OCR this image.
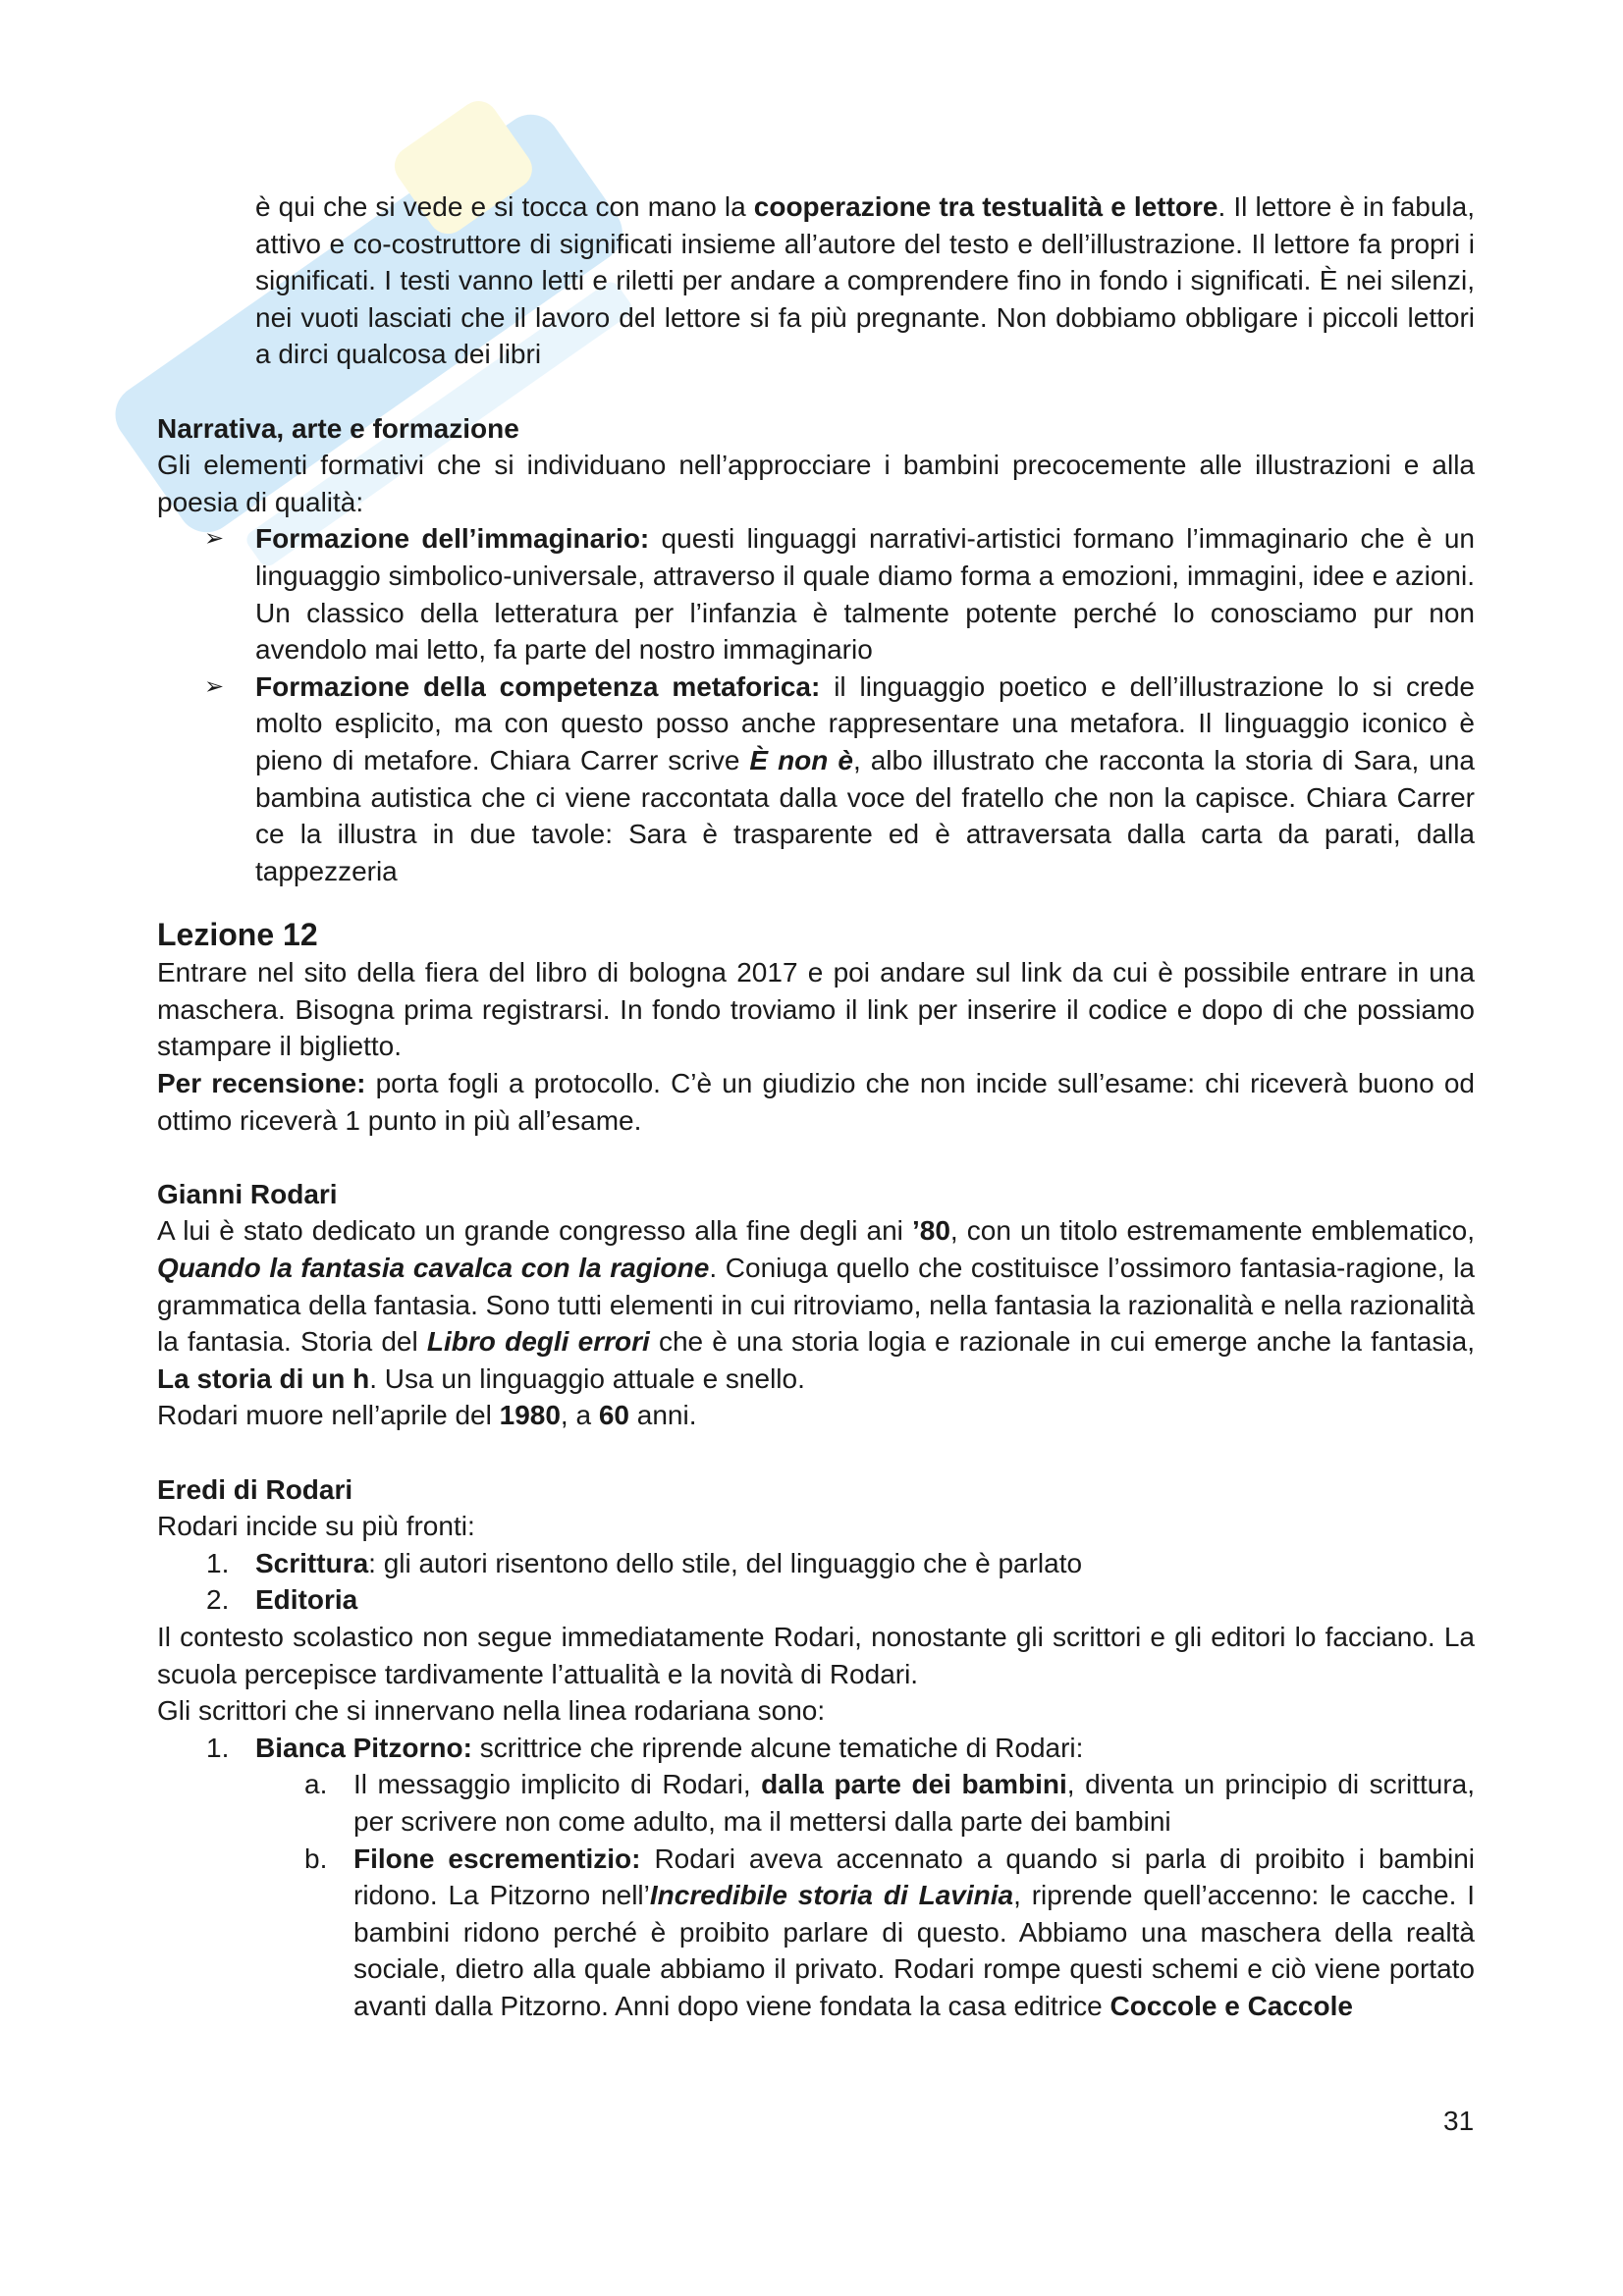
è qui che si vede e si tocca con mano la cooperazione tra testualità e lettore. Il lettore è in fabula, attivo e co-costruttore di significati insieme all’autore del testo e dell’illustrazione. Il lettore fa propri i significati. I testi vanno letti e riletti per andare a comprendere fino in fondo i significati. È nei silenzi, nei vuoti lasciati che il lavoro del lettore si fa più pregnante. Non dobbiamo obbligare i piccoli lettori a dirci qualcosa dei libri

Narrativa, arte e formazione

Gli elementi formativi che si individuano nell’approcciare i bambini precocemente alle illustrazioni e alla poesia di qualità:

➢ Formazione dell’immaginario: questi linguaggi narrativi-artistici formano l’immaginario che è un linguaggio simbolico-universale, attraverso il quale diamo forma a emozioni, immagini, idee e azioni. Un classico della letteratura per l’infanzia è talmente potente perché lo conosciamo pur non avendolo mai letto, fa parte del nostro immaginario
➢ Formazione della competenza metaforica: il linguaggio poetico e dell’illustrazione lo si crede molto esplicito, ma con questo posso anche rappresentare una metafora. Il linguaggio iconico è pieno di metafore. Chiara Carrer scrive È non è, albo illustrato che racconta la storia di Sara, una bambina autistica che ci viene raccontata dalla voce del fratello che non la capisce. Chiara Carrer ce la illustra in due tavole: Sara è trasparente ed è attraversata dalla carta da parati, dalla tappezzeria

Lezione 12

Entrare nel sito della fiera del libro di bologna 2017 e poi andare sul link da cui è possibile entrare in una maschera. Bisogna prima registrarsi. In fondo troviamo il link per inserire il codice e dopo di che possiamo stampare il biglietto.

Per recensione: porta fogli a protocollo. C’è un giudizio che non incide sull’esame: chi riceverà buono od ottimo riceverà 1 punto in più all’esame.

Gianni Rodari

A lui è stato dedicato un grande congresso alla fine degli ani ’80, con un titolo estremamente emblematico, Quando la fantasia cavalca con la ragione. Coniuga quello che costituisce l’ossimoro fantasia-ragione, la grammatica della fantasia. Sono tutti elementi in cui ritroviamo, nella fantasia la razionalità e nella razionalità la fantasia. Storia del Libro degli errori che è una storia logia e razionale in cui emerge anche la fantasia, La storia di un h. Usa un linguaggio attuale e snello.

Rodari muore nell’aprile del 1980, a 60 anni.

Eredi di Rodari

Rodari incide su più fronti:

1. Scrittura: gli autori risentono dello stile, del linguaggio che è parlato
2. Editoria

Il contesto scolastico non segue immediatamente Rodari, nonostante gli scrittori e gli editori lo facciano. La scuola percepisce tardivamente l’attualità e la novità di Rodari.

Gli scrittori che si innervano nella linea rodariana sono:

1. Bianca Pitzorno: scrittrice che riprende alcune tematiche di Rodari:
a. Il messaggio implicito di Rodari, dalla parte dei bambini, diventa un principio di scrittura, per scrivere non come adulto, ma il mettersi dalla parte dei bambini
b. Filone escrementizio: Rodari aveva accennato a quando si parla di proibito i bambini ridono. La Pitzorno nell’Incredibile storia di Lavinia, riprende quell’accenno: le cacche. I bambini ridono perché è proibito parlare di questo. Abbiamo una maschera della realtà sociale, dietro alla quale abbiamo il privato. Rodari rompe questi schemi e ciò viene portato avanti dalla Pitzorno. Anni dopo viene fondata la casa editrice Coccole e Caccole
31
